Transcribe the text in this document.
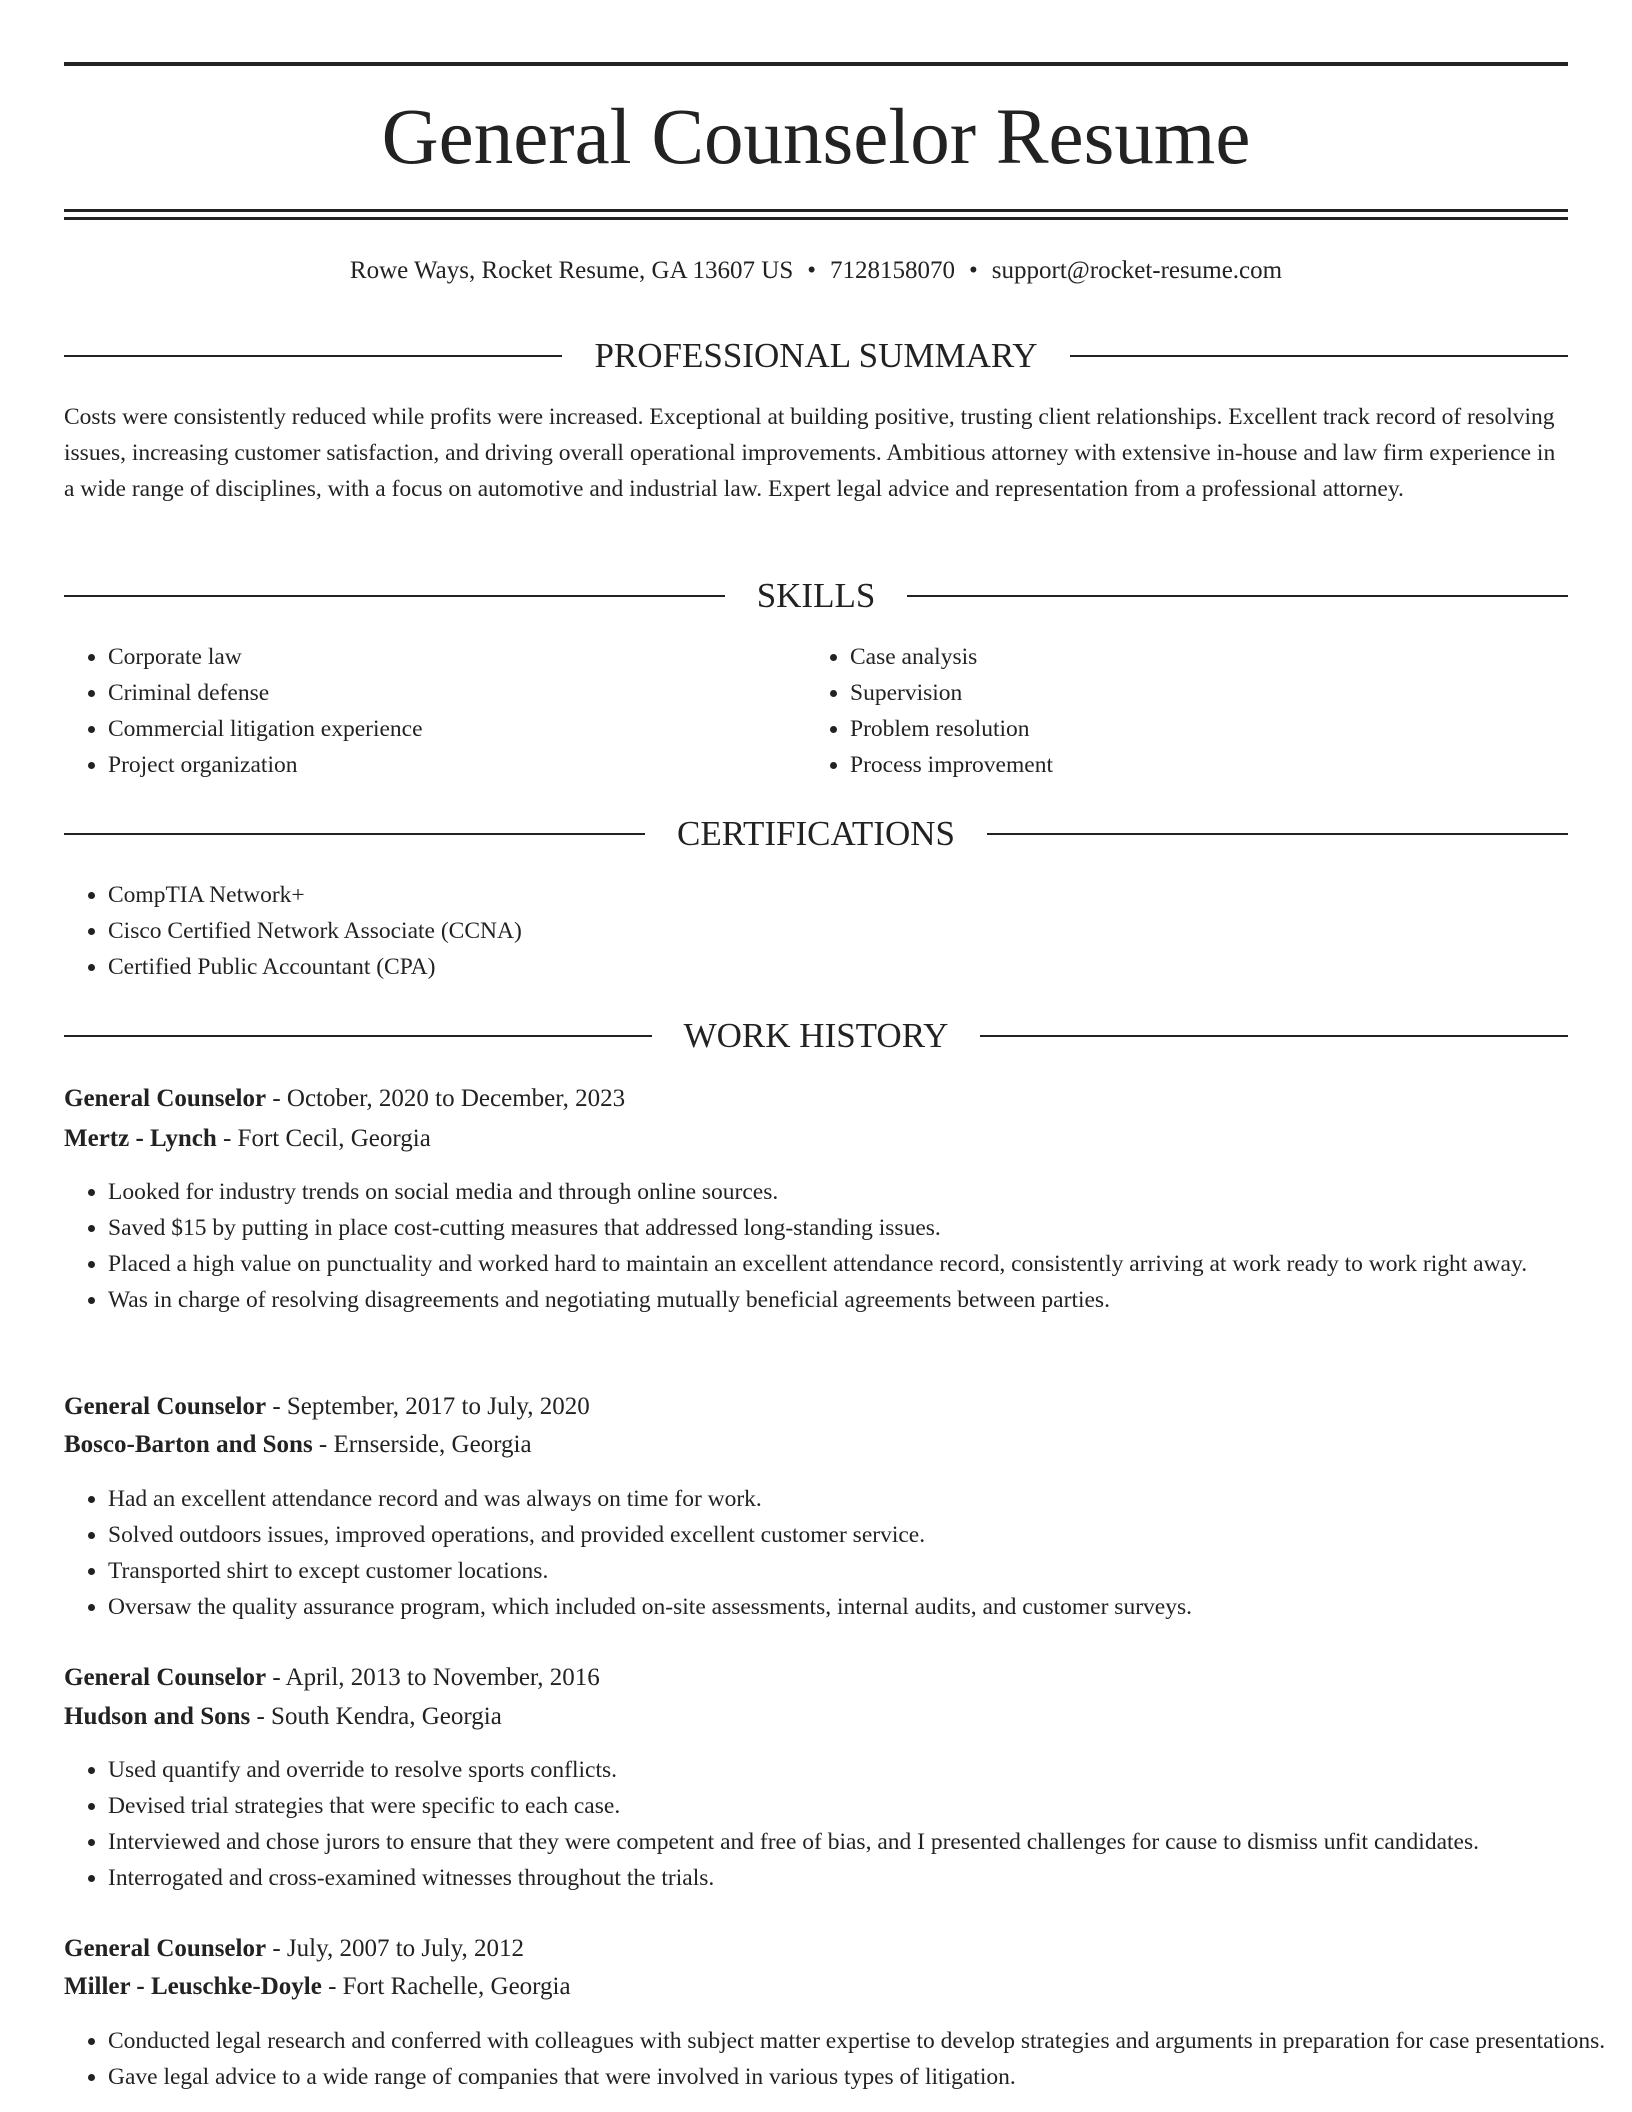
General Counselor Resume
Rowe Ways, Rocket Resume, GA 13607 US • 7128158070 • support@rocket-resume.com
PROFESSIONAL SUMMARY

Costs were consistently reduced while profits were increased. Exceptional at building positive, trusting client relationships. Excellent track record of resolving issues, increasing customer satisfaction, and driving overall operational improvements. Ambitious attorney with extensive in-house and law firm experience in a wide range of disciplines, with a focus on automotive and industrial law. Expert legal advice and representation from a professional attorney.

SKILLS
• Corporate law
• Criminal defense
• Commercial litigation experience
• Project organization
• Case analysis
• Supervision
• Problem resolution
• Process improvement
CERTIFICATIONS
• CompTIA Network+
• Cisco Certified Network Associate (CCNA)
• Certified Public Accountant (CPA)
WORK HISTORY
General Counselor - October, 2020 to December, 2023
Mertz - Lynch - Fort Cecil, Georgia
• Looked for industry trends on social media and through online sources.
• Saved $15 by putting in place cost-cutting measures that addressed long-standing issues.
• Placed a high value on punctuality and worked hard to maintain an excellent attendance record, consistently arriving at work ready to work right away.
• Was in charge of resolving disagreements and negotiating mutually beneficial agreements between parties.
General Counselor - September, 2017 to July, 2020
Bosco-Barton and Sons - Ernserside, Georgia
• Had an excellent attendance record and was always on time for work.
• Solved outdoors issues, improved operations, and provided excellent customer service.
• Transported shirt to except customer locations.
• Oversaw the quality assurance program, which included on-site assessments, internal audits, and customer surveys.
General Counselor - April, 2013 to November, 2016
Hudson and Sons - South Kendra, Georgia
• Used quantify and override to resolve sports conflicts.
• Devised trial strategies that were specific to each case.
• Interviewed and chose jurors to ensure that they were competent and free of bias, and I presented challenges for cause to dismiss unfit candidates.
• Interrogated and cross-examined witnesses throughout the trials.
General Counselor - July, 2007 to July, 2012
Miller - Leuschke-Doyle - Fort Rachelle, Georgia
• Conducted legal research and conferred with colleagues with subject matter expertise to develop strategies and arguments in preparation for case presentations.
• Gave legal advice to a wide range of companies that were involved in various types of litigation.
